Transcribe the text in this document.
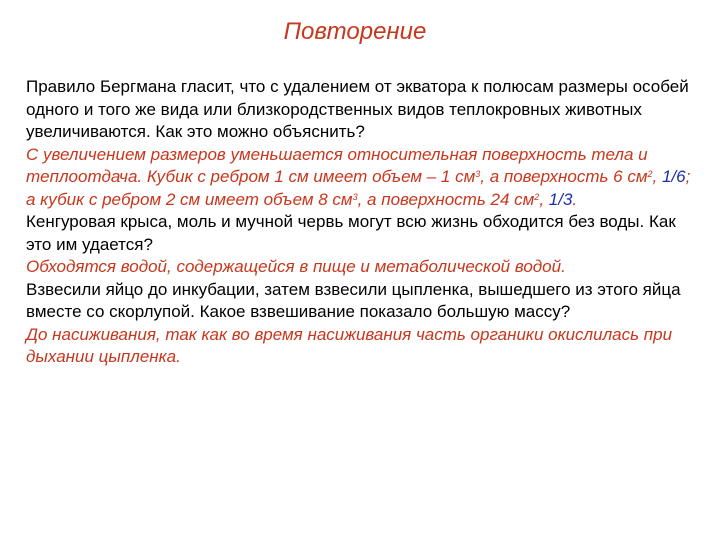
Повторение

Правило Бергмана гласит, что с удалением от экватора к полюсам размеры особей одного и того же вида или близкородственных видов теплокровных животных увеличиваются. Как это можно объяснить?

С увеличением размеров уменьшается относительная поверхность тела и теплоотдача. Кубик с ребром 1 см имеет объем – 1 $см^3$, а поверхность 6 $см^2$, 1/6; а кубик с ребром 2 см имеет объем 8 $см^3$, а поверхность 24 $см^2$, 1/3.

Кенгуровая крыса, моль и мучной червь могут всю жизнь обходится без воды. Как это им удается?

Обходятся водой, содержащейся в пище и метаболической водой.

Взвесили яйцо до инкубации, затем взвесили цыпленка, вышедшего из этого яйца вместе со скорлупой. Какое взвешивание показало большую массу?

До насиживания, так как во время насиживания часть органики окислилась при дыхании цыпленка.
